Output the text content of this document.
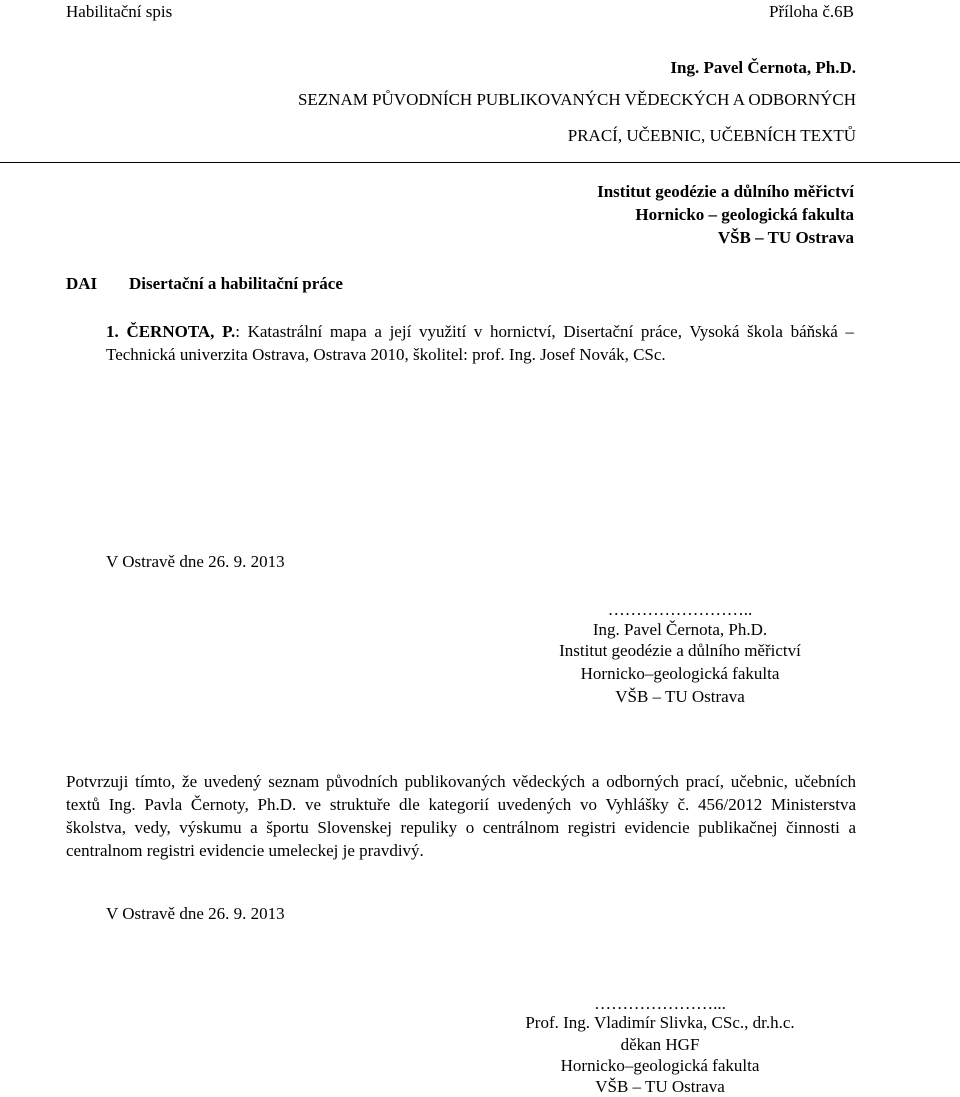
Habilitační spis	Příloha č.6B
Ing. Pavel Černota, Ph.D.
SEZNAM PŮVODNÍCH PUBLIKOVANÝCH VĚDECKÝCH A ODBORNÝCH
PRACÍ, UČEBNIC, UČEBNÍCH TEXTŮ
Institut geodézie a důlního měřictví
Hornicko – geologická fakulta
VŠB – TU Ostrava
DAI Disertační a habilitační práce
1. ČERNOTA, P.: Katastrální mapa a její využití v hornictví, Disertační práce, Vysoká škola báňská – Technická univerzita Ostrava, Ostrava 2010, školitel: prof. Ing. Josef Novák, CSc.
V Ostravě dne 26. 9. 2013
……………………..
Ing. Pavel Černota, Ph.D.
Institut geodézie a důlního měřictví
Hornicko–geologická fakulta
VŠB – TU Ostrava
Potvrzuji tímto, že uvedený seznam původních publikovaných vědeckých a odborných prací, učebnic, učebních textů Ing. Pavla Černoty, Ph.D. ve struktuře dle kategorií uvedených vo Vyhlášky č. 456/2012 Ministerstva školstva, vedy, výskumu a športu Slovenskej repuliky o centrálnom registri evidencie publikačnej činnosti a centralnom registri evidencie umeleckej je pravdivý.
V Ostravě dne 26. 9. 2013
…………………...
Prof. Ing. Vladimír Slivka, CSc., dr.h.c.
děkan HGF
Hornicko–geologická fakulta
VŠB – TU Ostrava
